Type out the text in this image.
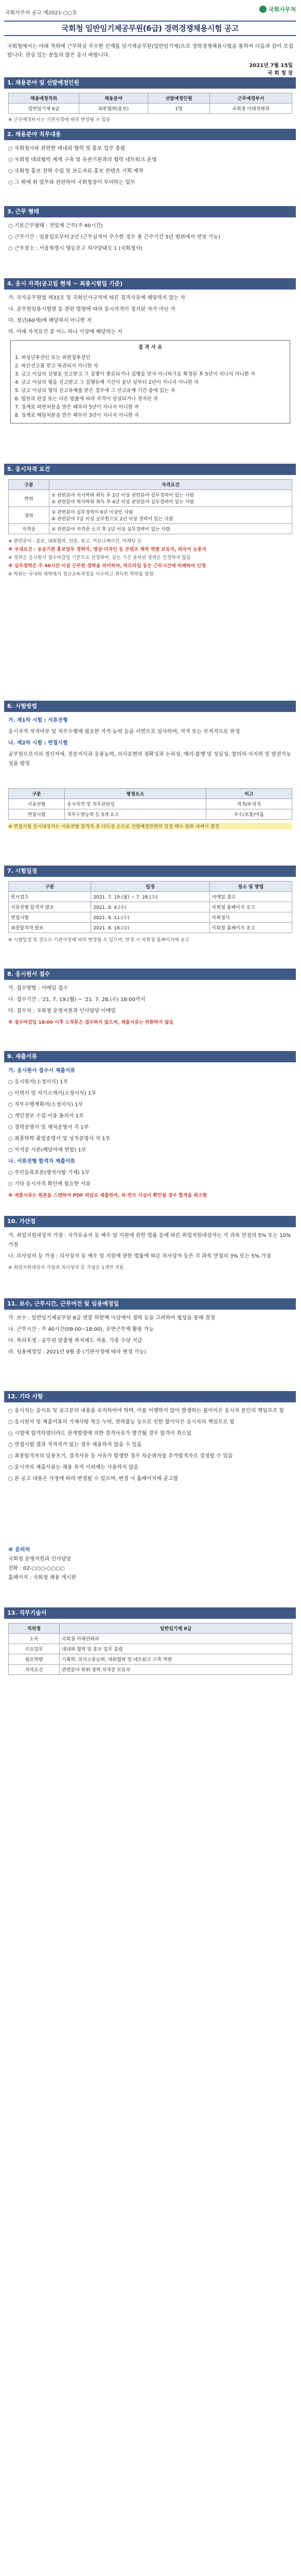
국회사무처 공고 제2021-○○호
국회사무처
국회청 일반임기제공무원(6급) 경력경쟁채용시험 공고
국회청에서는 아래 직위에 근무하실 우수한 인재를 임기제공무원(일반임기제)으로 경력경쟁채용시험을 통하여 다음과 같이 모집합니다. 관심 있는 분들의 많은 응시 바랍니다.
2021년 7월 15일
국 회 청 장
1. 채용분야 및 선발예정인원
채용예정직위	채용분야	선발예정인원	근무예정부서
일반임기제 6급	외부협력(홍보)	1명	국회청 미래전략과
※ 근무예정부서는 기관사정에 따라 변경될 수 있음
2. 채용분야 직무내용

○ 국회청사와 관련한 대내외 협력 및 홍보 업무 총괄

○ 국회청 대외협력 체계 구축 및 유관기관과의 협력 네트워크 운영

○ 국회청 홍보 전략 수립 및 보도자료·홍보 콘텐츠 기획·제작

○ 그 밖에 위 업무와 관련하여 국회청장이 부여하는 업무

3. 근무 형태

○ 기본근무형태 : 전일제 근무(주 40시간)

○ 근무기간 : 임용일로부터 2년 (근무실적이 우수한 경우 총 근무기간 5년 범위에서 연장 가능)

○ 근무장소 : 서울특별시 영등포구 의사당대로 1 (국회청사)

4. 응시 자격(공고일 현재 ~ 최종시험일 기준)

가. 국가공무원법 제33조 및 국회인사규칙에 따른 결격사유에 해당하지 않는 자

나. 공무원임용시험령 등 관련 법령에 따라 응시자격이 정지된 자가 아닌 자

다. 정년(60세)에 해당하지 아니한 자

라. 아래 자격요건 중 어느 하나 이상에 해당하는 자

결 격 사 유
1. 피성년후견인 또는 피한정후견인
2. 파산선고를 받고 복권되지 아니한 자
3. 금고 이상의 실형을 선고받고 그 집행이 종료되거나 집행을 받지 아니하기로 확정된 후 5년이 지나지 아니한 자
4. 금고 이상의 형을 선고받고 그 집행유예 기간이 끝난 날부터 2년이 지나지 아니한 자
5. 금고 이상의 형의 선고유예를 받은 경우에 그 선고유예 기간 중에 있는 자
6. 법원의 판결 또는 다른 법률에 따라 자격이 상실되거나 정지된 자
7. 징계로 파면처분을 받은 때부터 5년이 지나지 아니한 자
8. 징계로 해임처분을 받은 때부터 3년이 지나지 아니한 자
5. 응시자격 요건
구분	자격요건
학위	① 관련분야 석사학위 취득 후 2년 이상 관련분야 실무경력이 있는 사람
② 관련분야 학사학위 취득 후 4년 이상 관련분야 실무경력이 있는 사람
경력	③ 관련분야 실무경력이 6년 이상인 사람
④ 관련분야 7급 이상 공무원으로 2년 이상 경력이 있는 사람
자격증	⑤ 관련분야 자격증 소지 후 1년 이상 실무경력이 있는 사람
※ 관련분야 : 홍보, 대외협력, 언론, 광고, 커뮤니케이션, 마케팅 등
※ 우대요건 : 공공기관 홍보업무 경력자, 영상·디자인 등 콘텐츠 제작 역량 보유자, 외국어 능통자
※ 경력은 응시원서 접수마감일 기준으로 산정하며, 같은 기간 중복된 경력은 인정하지 않음
※ 실무경력은 주 40시간 이상 근무한 경력을 의미하며, 파트타임 등은 근무시간에 비례하여 인정
※ 학위는 국내외 대학에서 정규교육과정을 이수하고 취득한 학위를 말함
6. 시험방법

가. 제1차 시험 : 서류전형

응시자격 적격여부 및 직무수행에 필요한 자격·능력 등을 서면으로 심사하며, 적격 또는 부적격으로 판정

나. 제2차 시험 : 면접시험

공무원으로서의 정신자세, 전문지식과 응용능력, 의사표현의 정확성과 논리성, 예의·품행 및 성실성, 창의력·의지력 및 발전가능성을 평정

구분	평정요소	비고
서류전형	응시자격 및 직무관련성	적격/부적격
면접시험	직무수행능력 등 5개 요소	우수/보통/미흡
※ 면접시험 응시대상자는 서류전형 합격자 중 다득점 순으로 선발예정인원의 일정 배수 범위 내에서 결정
7. 시험일정
구분	일정	장소 및 방법
원서접수	2021. 7. 19.(월) ~ 7. 28.(수)	이메일 접수
서류전형 합격자 발표	2021. 8. 4.(수)	국회청 홈페이지 공고
면접시험	2021. 8. 11.(수)	국회청사
최종합격자 발표	2021. 8. 18.(수)	국회청 홈페이지 공고
※ 시험일정 및 장소는 기관사정에 따라 변경될 수 있으며, 변경 시 국회청 홈페이지에 공고
8. 응시원서 접수

가. 접수방법 : 이메일 접수

나. 접수기간 : '21. 7. 19.(월) ~ '21. 7. 28.(수) 18:00까지

다. 접수처 : 국회청 운영지원과 인사담당 이메일

※ 접수마감일 18:00 이후 도착분은 접수하지 않으며, 제출서류는 반환하지 않음

9. 제출서류

가. 응시원서 접수시 제출서류

○ 응시원서(소정서식) 1부

○ 이력서 및 자기소개서(소정서식) 1부

○ 직무수행계획서(소정서식) 1부

○ 개인정보 수집·이용 동의서 1부

○ 경력증명서 및 재직증명서 각 1부

○ 최종학력 졸업증명서 및 성적증명서 각 1부

○ 자격증 사본(해당자에 한함) 1부

나. 서류전형 합격자 제출서류

○ 주민등록초본(병적사항 기재) 1부

○ 기타 응시자격 확인에 필요한 서류

※ 제출서류는 원본을 스캔하여 PDF 파일로 제출하며, 위·변조 사실이 확인될 경우 합격을 취소함

10. 가산점

가. 취업지원대상자 가점 : 국가유공자 등 예우 및 지원에 관한 법률 등에 따른 취업지원대상자는 각 과목 만점의 5% 또는 10% 가점

나. 의사상자 등 가점 : 의사상자 등 예우 및 지원에 관한 법률에 따른 의사상자 등은 각 과목 만점의 3% 또는 5% 가점

※ 취업지원대상자 가점과 의사상자 등 가점은 1개만 적용

11. 보수, 근무시간, 근무여건 및 임용예정일

가. 보수 : 일반임기제공무원 6급 연봉 하한액 이상에서 경력 등을 고려하여 협상을 통해 결정

나. 근무시간 : 주 40시간(09:00~18:00), 유연근무제 활용 가능

다. 복리후생 : 공무원 맞춤형 복지제도 적용, 각종 수당 지급

라. 임용예정일 : 2021년 9월 중 (기관사정에 따라 변경 가능)

12. 기타 사항

○ 응시자는 응시표 및 공고문의 내용을 숙지하여야 하며, 이를 이행하지 않아 발생하는 불이익은 응시자 본인의 책임으로 함

○ 응시원서 및 제출서류의 기재사항 착오·누락, 연락불능 등으로 인한 불이익은 응시자의 책임으로 함

○ 시험에 합격하였더라도 관계법령에 의한 결격사유가 발견될 경우 합격이 취소됨

○ 면접시험 결과 적격자가 없는 경우 채용하지 않을 수 있음

○ 최종합격자의 임용포기, 결격사유 등 사유가 발생한 경우 차순위자를 추가합격자로 결정할 수 있음

○ 응시자의 제출서류는 채용 목적 이외에는 사용하지 않음

○ 본 공고 내용은 사정에 따라 변경될 수 있으며, 변경 시 홈페이지에 공고함

※ 문의처
국회청 운영지원과 인사담당
전화 : 02-○○○-○○○○
홈페이지 : 국회청 채용 게시판
13. 직무기술서
직위명	일반임기제 6급
소속	국회청 미래전략과
주요업무	대내외 협력 및 홍보 업무 총괄
필요역량	기획력, 의사소통능력, 대외협력 및 네트워크 구축 역량
자격요건	관련분야 학위·경력·자격증 보유자
